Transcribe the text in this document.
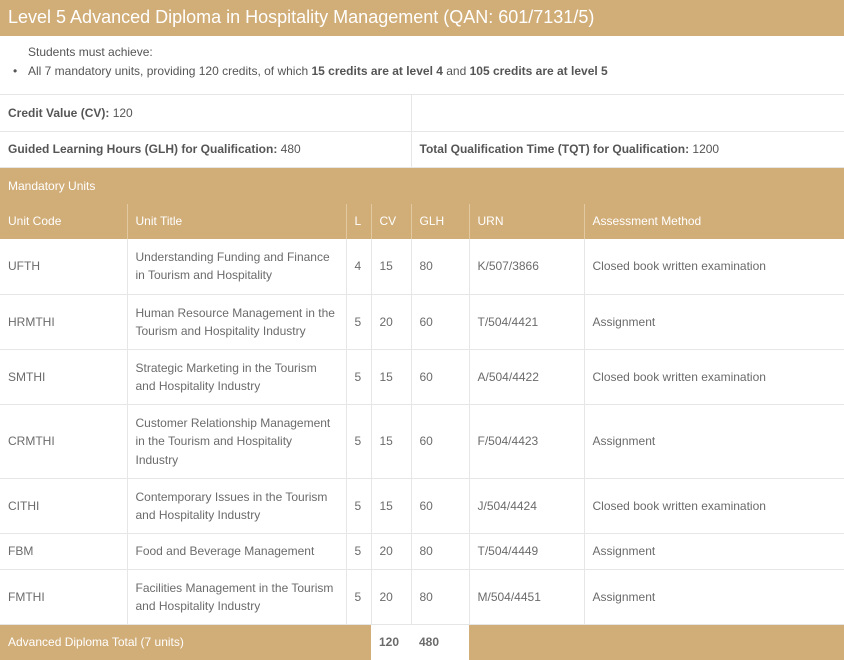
Level 5 Advanced Diploma in Hospitality Management (QAN: 601/7131/5)
Students must achieve:
• All 7 mandatory units, providing 120 credits, of which 15 credits are at level 4 and 105 credits are at level 5
Credit Value (CV): 120	
Guided Learning Hours (GLH) for Qualification: 480	Total Qualification Time (TQT) for Qualification: 1200
Mandatory Units						
Unit Code	Unit Title	L	CV	GLH	URN	Assessment Method
UFTH	Understanding Funding and Finance in Tourism and Hospitality	4	15	80	K/507/3866	Closed book written examination
HRMTHI	Human Resource Management in the Tourism and Hospitality Industry	5	20	60	T/504/4421	Assignment
SMTHI	Strategic Marketing in the Tourism and Hospitality Industry	5	15	60	A/504/4422	Closed book written examination
CRMTHI	Customer Relationship Management in the Tourism and Hospitality Industry	5	15	60	F/504/4423	Assignment
CITHI	Contemporary Issues in the Tourism and Hospitality Industry	5	15	60	J/504/4424	Closed book written examination
FBM	Food and Beverage Management	5	20	80	T/504/4449	Assignment
FMTHI	Facilities Management in the Tourism and Hospitality Industry	5	20	80	M/504/4451	Assignment
Advanced Diploma Total (7 units)			120	480		
